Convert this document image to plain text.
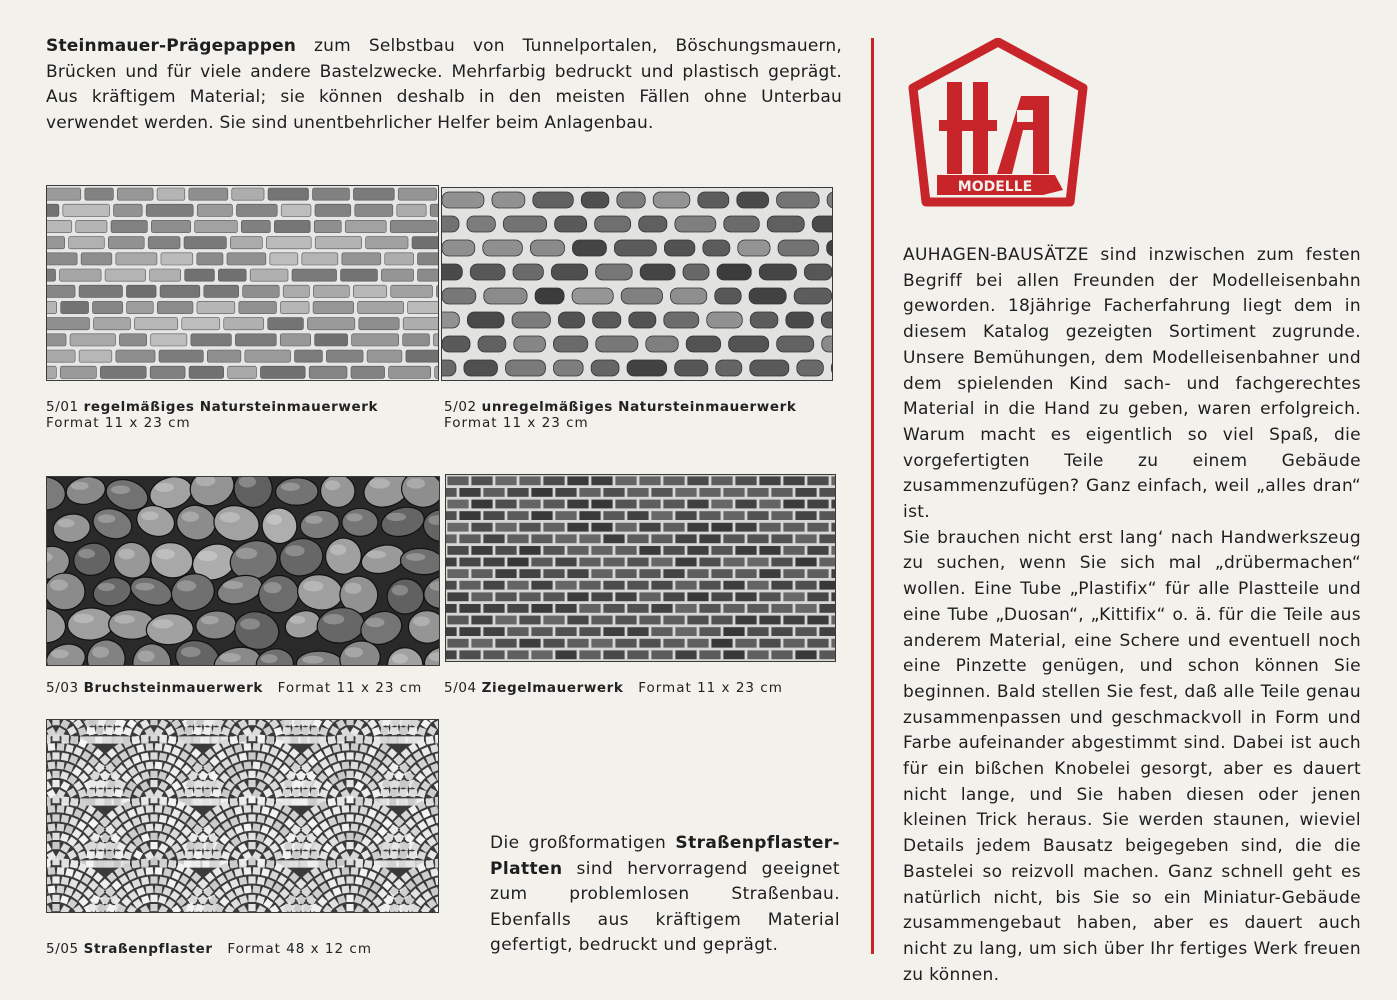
Steinmauer-Prägepappen zum Selbstbau von Tunnelportalen, Böschungsmauern, Brücken und für viele andere Bastelzwecke. Mehrfarbig bedruckt und plastisch geprägt. Aus kräftigem Material; sie können deshalb in den meisten Fällen ohne Unterbau verwendet werden. Sie sind unentbehrlicher Helfer beim Anlagenbau.
5/01 regelmäßiges Natursteinmauerwerk
Format 11 x 23 cm
5/02 unregelmäßiges Natursteinmauerwerk
Format 11 x 23 cm
5/03 Bruchsteinmauerwerk Format 11 x 23 cm	5/04 Ziegelmauerwerk Format 11 x 23 cm
5/05 Straßenpflaster Format 48 x 12 cm
Die großformatigen Straßenpflaster-Platten sind hervorragend geeignet zum problemlosen Straßenbau. Ebenfalls aus kräftigem Material gefertigt, bedruckt und geprägt.
MODELLE

AUHAGEN-BAUSÄTZE sind inzwischen zum festen Begriff bei allen Freunden der Modelleisenbahn geworden. 18jährige Facherfahrung liegt dem in diesem Katalog gezeigten Sortiment zugrunde. Unsere Bemühungen, dem Modelleisenbahner und dem spielenden Kind sach- und fachgerechtes Material in die Hand zu geben, waren erfolgreich. Warum macht es eigentlich so viel Spaß, die vorgefertigten Teile zu einem Gebäude zusammenzufügen? Ganz einfach, weil „alles dran“ ist.

Sie brauchen nicht erst lang‘ nach Handwerkszeug zu suchen, wenn Sie sich mal „drübermachen“ wollen. Eine Tube „Plastifix“ für alle Plastteile und eine Tube „Duosan“, „Kittifix“ o. ä. für die Teile aus anderem Material, eine Schere und eventuell noch eine Pinzette genügen, und schon können Sie beginnen. Bald stellen Sie fest, daß alle Teile genau zusammenpassen und geschmackvoll in Form und Farbe aufeinander abgestimmt sind. Dabei ist auch für ein bißchen Knobelei gesorgt, aber es dauert nicht lange, und Sie haben diesen oder jenen kleinen Trick heraus. Sie werden staunen, wieviel Details jedem Bausatz beigegeben sind, die die Bastelei so reizvoll machen. Ganz schnell geht es natürlich nicht, bis Sie so ein Miniatur-Gebäude zusammengebaut haben, aber es dauert auch nicht zu lang, um sich über Ihr fertiges Werk freuen zu können.
